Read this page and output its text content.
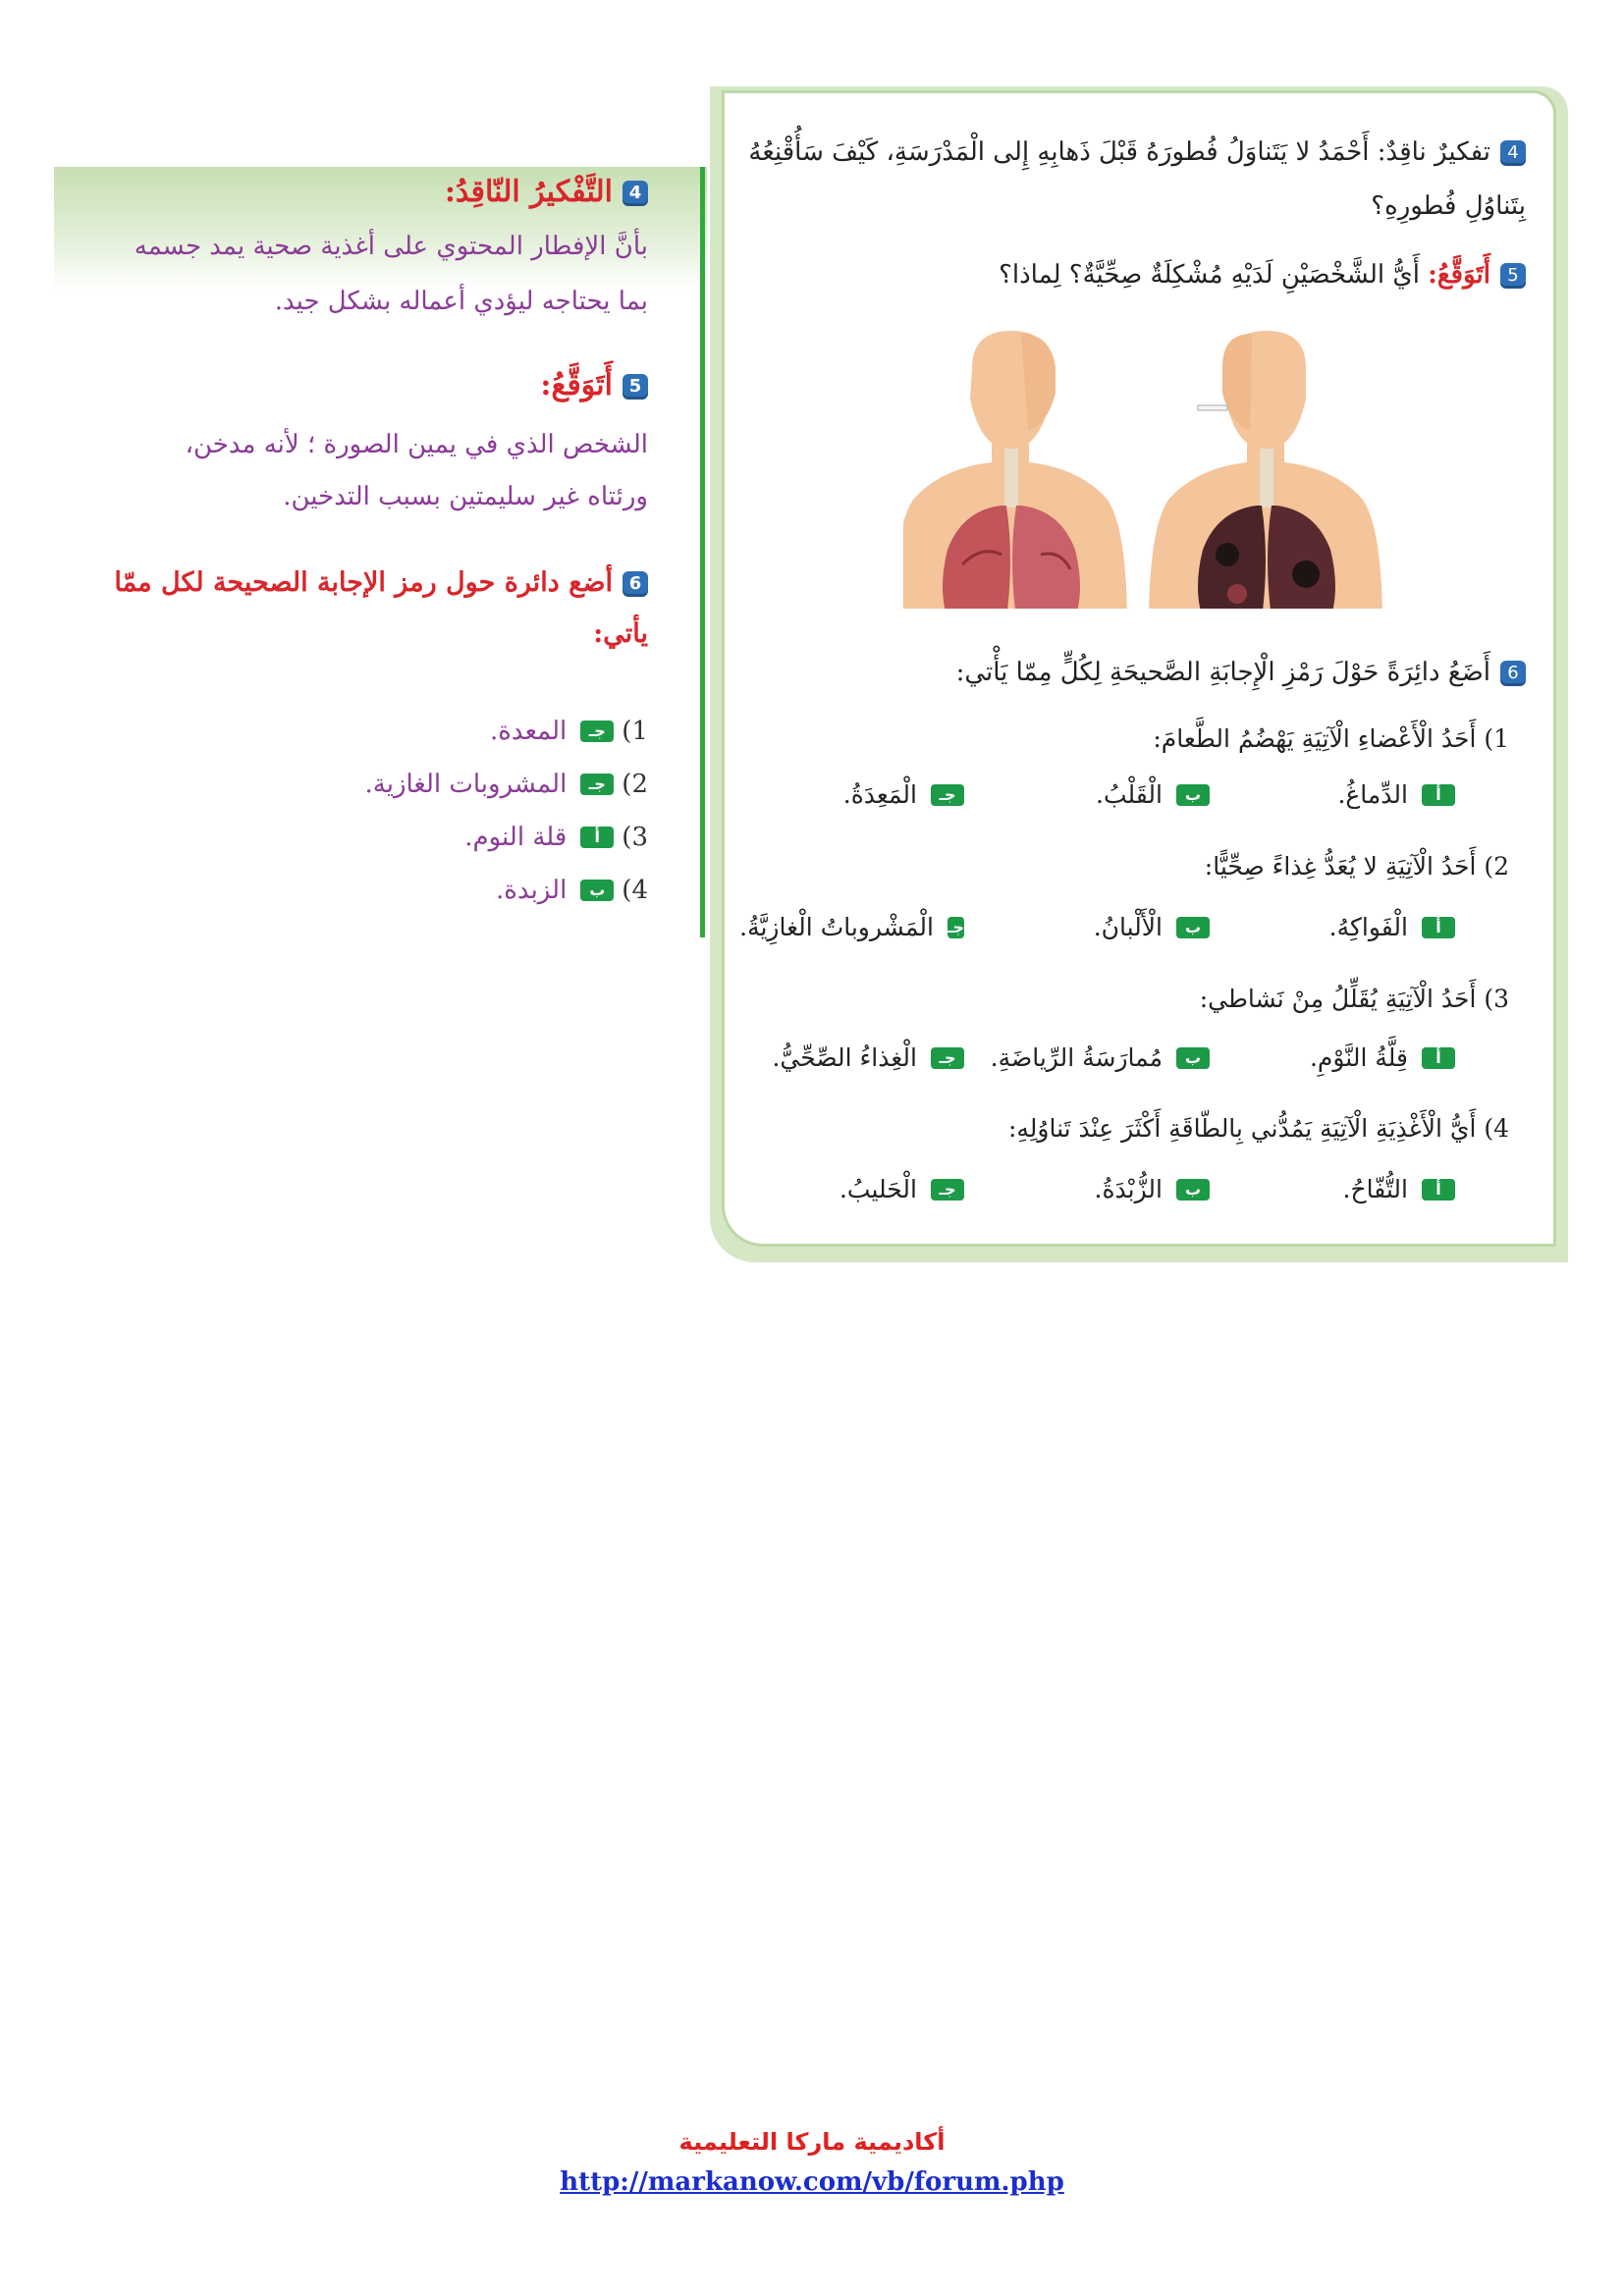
4تفكيرٌ ناقِدٌ: أَحْمَدُ لا يَتَناوَلُ فُطورَهُ قَبْلَ ذَهابِهِ إِلى الْمَدْرَسَةِ، كَيْفَ سَأُقْنِعُهُ
بِتَناوُلِ فُطورِهِ؟
5أَتَوَقَّعُ: أَيُّ الشَّخْصَيْنِ لَدَيْهِ مُشْكِلَةٌ صِحِّيَّةٌ؟ لِماذا؟
6أَضَعُ دائِرَةً حَوْلَ رَمْزِ الْإِجابَةِ الصَّحيحَةِ لِكُلٍّ مِمّا يَأْتي:
1) أَحَدُ الْأَعْضاءِ الْآتِيَةِ يَهْضُمُ الطَّعامَ:
أ
الدِّماغُ.
ب
الْقَلْبُ.
جـ
الْمَعِدَةُ.
2) أَحَدُ الْآتِيَةِ لا يُعَدُّ غِذاءً صِحِّيًّا:
أ
الْفَواكِهُ.
ب
الْأَلْبانُ.
جـ
الْمَشْروباتُ الْغازِيَّةُ.
3) أَحَدُ الْآتِيَةِ يُقَلِّلُ مِنْ نَشاطي:
أ
قِلَّةُ النَّوْمِ.
ب
مُمارَسَةُ الرِّياضَةِ.
جـ
الْغِذاءُ الصِّحِّيُّ.
4) أَيُّ الْأَغْذِيَةِ الْآتِيَةِ يَمُدُّني بِالطّاقَةِ أَكْثَرَ عِنْدَ تَناوُلِهِ:
أ
التُّفّاحُ.
ب
الزُّبْدَةُ.
جـ
الْحَليبُ.
4التَّفْكيرُ النّاقِدُ:
بأنَّ الإفطار المحتوي على أغذية صحية يمد جسمه
بما يحتاجه ليؤدي أعماله بشكل جيد.
5أَتَوَقَّعُ:
الشخص الذي في يمين الصورة ؛ لأنه مدخن،
ورئتاه غير سليمتين بسبب التدخين.
6أضع دائرة حول رمز الإجابة الصحيحة لكل ممّا
يأتي:
1)
جـ
المعدة.
2)
جـ
المشروبات الغازية.
3)
أ
قلة النوم.
4)
ب
الزبدة.
أكاديمية ماركا التعليمية
http://markanow.com/vb/forum.php
